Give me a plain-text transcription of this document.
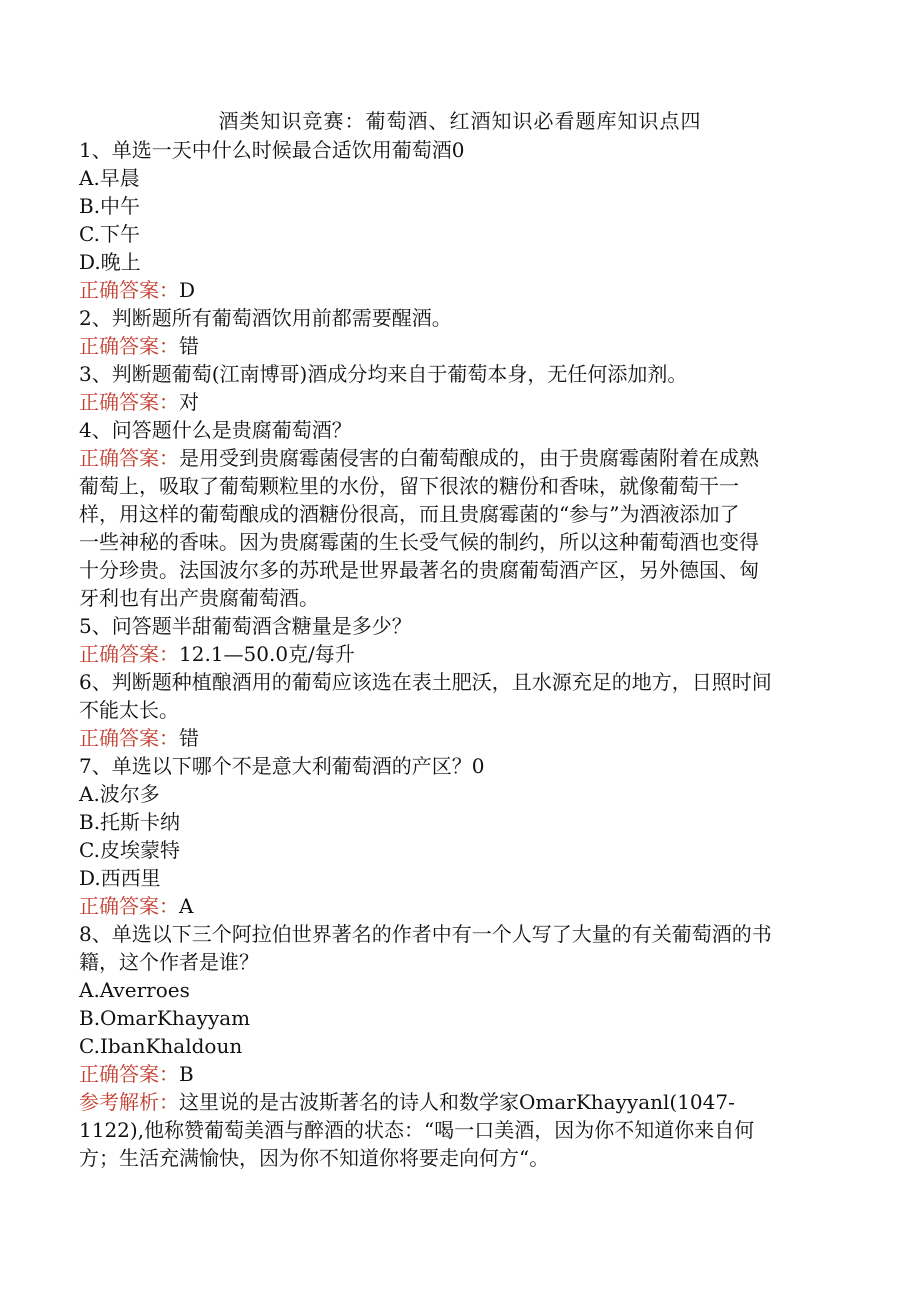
酒类知识竞赛：葡萄酒、红酒知识必看题库知识点四
1、单选一天中什么时候最合适饮用葡萄酒0
A.早晨
B.中午
C.下午
D.晚上
正确答案：D
2、判断题所有葡萄酒饮用前都需要醒酒。
正确答案：错
3、判断题葡萄(江南博哥)酒成分均来自于葡萄本身，无任何添加剂。
正确答案：对
4、问答题什么是贵腐葡萄酒？
正确答案：是用受到贵腐霉菌侵害的白葡萄酿成的，由于贵腐霉菌附着在成熟
葡萄上，吸取了葡萄颗粒里的水份，留下很浓的糖份和香味，就像葡萄干一
样，用这样的葡萄酿成的酒糖份很高，而且贵腐霉菌的“参与”为酒液添加了
一些神秘的香味。因为贵腐霉菌的生长受气候的制约，所以这种葡萄酒也变得
十分珍贵。法国波尔多的苏玳是世界最著名的贵腐葡萄酒产区，另外德国、匈
牙利也有出产贵腐葡萄酒。
5、问答题半甜葡萄酒含糖量是多少？
正确答案：12.1—50.0克/每升
6、判断题种植酿酒用的葡萄应该选在表土肥沃，且水源充足的地方，日照时间
不能太长。
正确答案：错
7、单选以下哪个不是意大利葡萄酒的产区？0
A.波尔多
B.托斯卡纳
C.皮埃蒙特
D.西西里
正确答案：A
8、单选以下三个阿拉伯世界著名的作者中有一个人写了大量的有关葡萄酒的书
籍，这个作者是谁？
A.Averroes
B.OmarKhayyam
C.IbanKhaldoun
正确答案：B
参考解析：这里说的是古波斯著名的诗人和数学家OmarKhayyanl(1047-
1122),他称赞葡萄美酒与醉酒的状态：“喝一口美酒，因为你不知道你来自何
方；生活充满愉快，因为你不知道你将要走向何方“。
